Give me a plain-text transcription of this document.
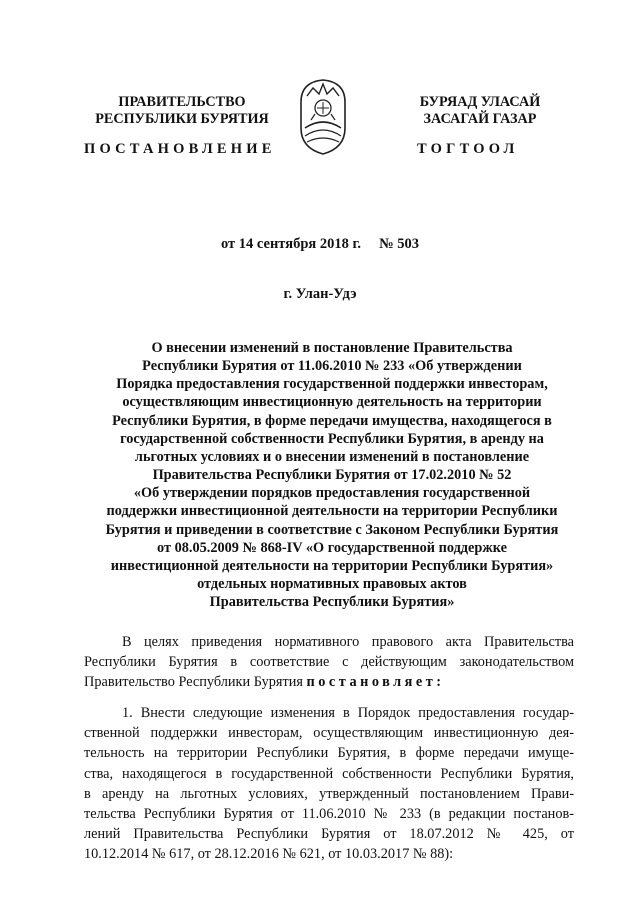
ПРАВИТЕЛЬСТВО
РЕСПУБЛИКИ БУРЯТИЯ
БУРЯАД УЛАСАЙ
ЗАСАГАЙ ГАЗАР
ПОСТАНОВЛЕНИЕ	ТОГТООЛ
от 14 сентября 2018 г. № 503
г. Улан-Удэ
О внесении изменений в постановление Правительства
Республики Бурятия от 11.06.2010 № 233 «Об утверждении
Порядка предоставления государственной поддержки инвесторам,
осуществляющим инвестиционную деятельность на территории
Республики Бурятия, в форме передачи имущества, находящегося в
государственной собственности Республики Бурятия, в аренду на
льготных условиях и о внесении изменений в постановление
Правительства Республики Бурятия от 17.02.2010 № 52
«Об утверждении порядков предоставления государственной
поддержки инвестиционной деятельности на территории Республики
Бурятия и приведении в соответствие с Законом Республики Бурятия
от 08.05.2009 № 868-IV «О государственной поддержке
инвестиционной деятельности на территории Республики Бурятия»
отдельных нормативных правовых актов
Правительства Республики Бурятия»
В целях приведения нормативного правового акта Правительства
Республики Бурятия в соответствие с действующим законодательством
Правительство Республики Бурятия постановляет:
1. Внести следующие изменения в Порядок предоставления государ-
ственной поддержки инвесторам, осуществляющим инвестиционную дея-
тельность на территории Республики Бурятия, в форме передачи имуще-
ства, находящегося в государственной собственности Республики Бурятия,
в аренду на льготных условиях, утвержденный постановлением Прави-
тельства Республики Бурятия от 11.06.2010 № 233 (в редакции постанов-
лений Правительства Республики Бурятия от 18.07.2012 № 425, от
10.12.2014 № 617, от 28.12.2016 № 621, от 10.03.2017 № 88):
